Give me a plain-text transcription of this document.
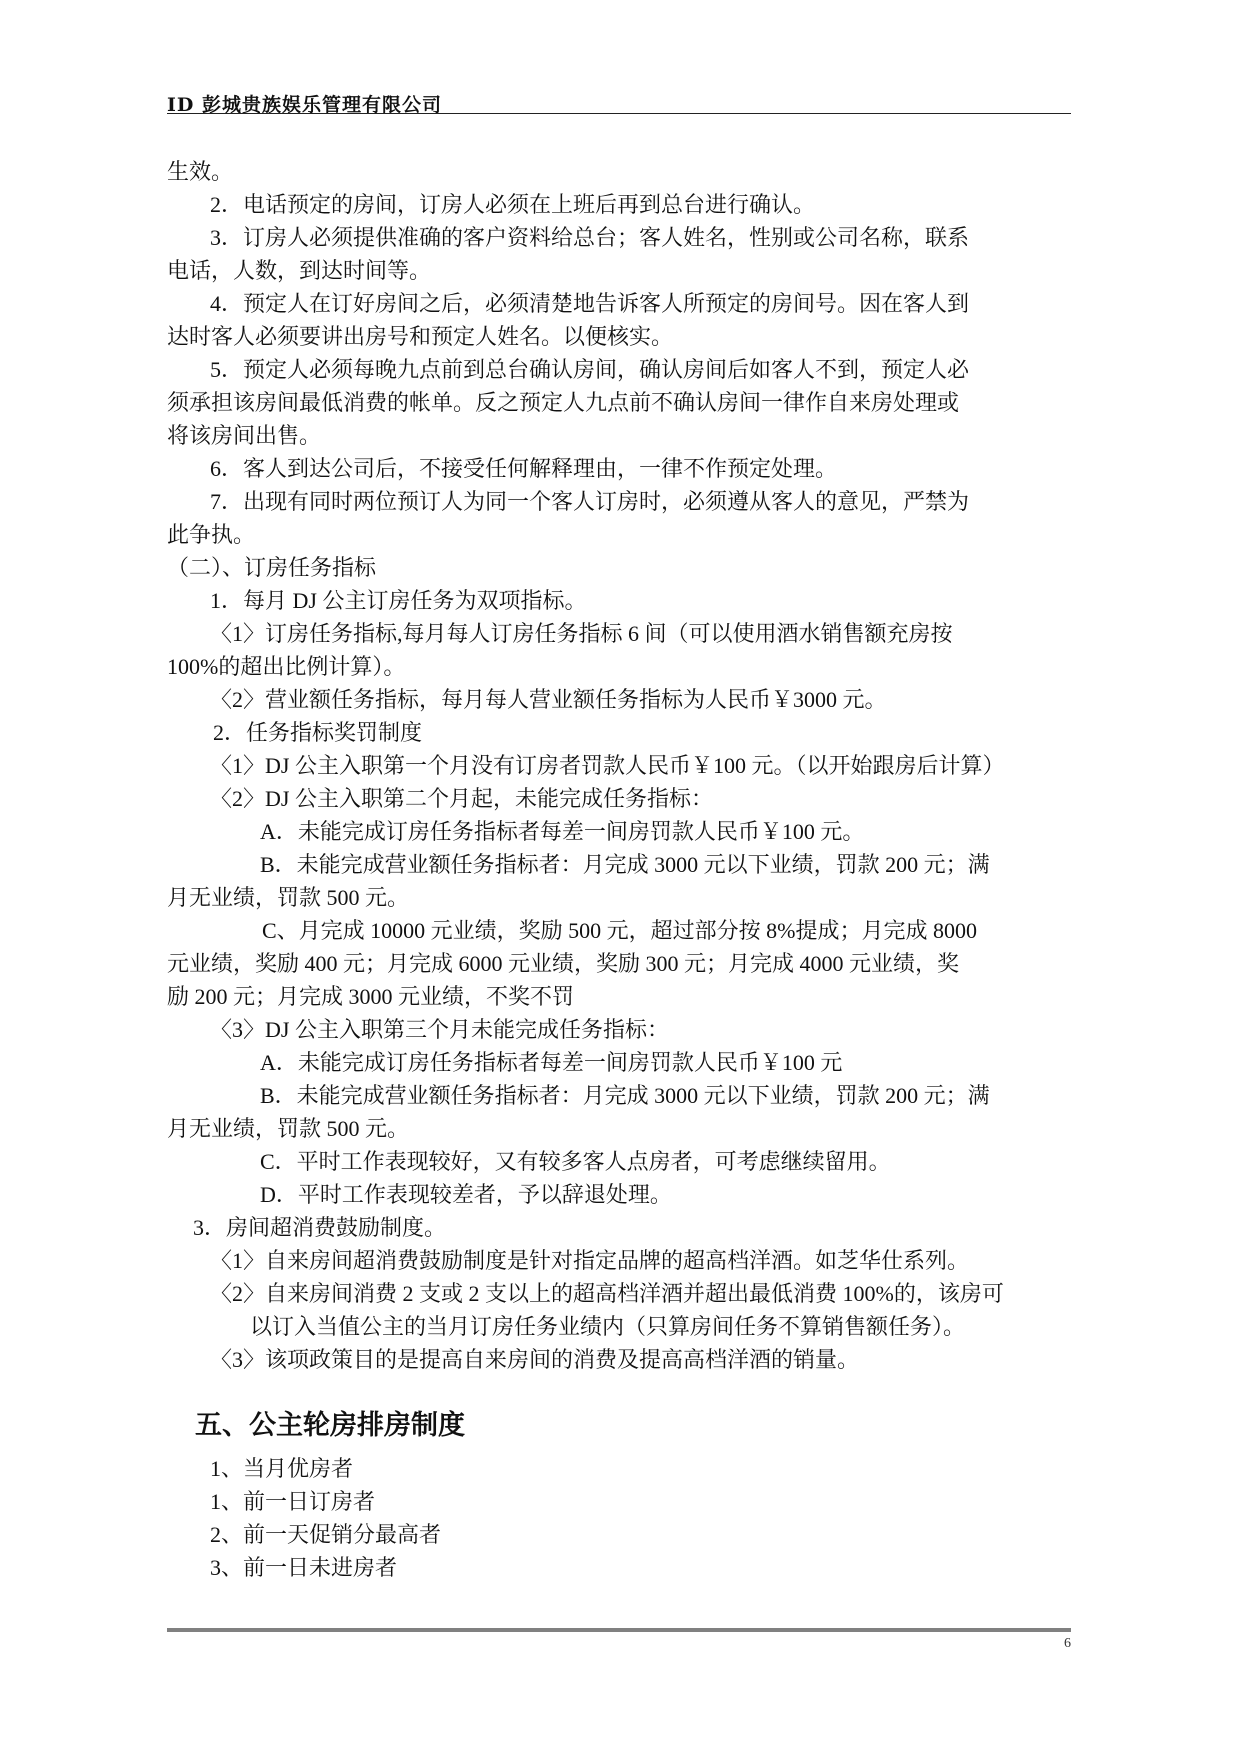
ID 彭城贵族娱乐管理有限公司
生效。
2．电话预定的房间，订房人必须在上班后再到总台进行确认。
3．订房人必须提供准确的客户资料给总台；客人姓名，性别或公司名称，联系
电话，人数，到达时间等。
4．预定人在订好房间之后，必须清楚地告诉客人所预定的房间号。因在客人到
达时客人必须要讲出房号和预定人姓名。以便核实。
5．预定人必须每晚九点前到总台确认房间，确认房间后如客人不到，预定人必
须承担该房间最低消费的帐单。反之预定人九点前不确认房间一律作自来房处理或
将该房间出售。
6．客人到达公司后，不接受任何解释理由，一律不作预定处理。
7．出现有同时两位预订人为同一个客人订房时，必须遵从客人的意见，严禁为
此争执。
（二）、订房任务指标
1．每月 DJ 公主订房任务为双项指标。
〈1〉订房任务指标,每月每人订房任务指标 6 间（可以使用酒水销售额充房按
100%的超出比例计算）。
〈2〉营业额任务指标，每月每人营业额任务指标为人民币￥3000 元。
2．任务指标奖罚制度
〈1〉DJ 公主入职第一个月没有订房者罚款人民币￥100 元。（以开始跟房后计算）
〈2〉DJ 公主入职第二个月起，未能完成任务指标：
A．未能完成订房任务指标者每差一间房罚款人民币￥100 元。
B．未能完成营业额任务指标者：月完成 3000 元以下业绩，罚款 200 元；满
月无业绩，罚款 500 元。
C、月完成 10000 元业绩，奖励 500 元，超过部分按 8%提成；月完成 8000
元业绩，奖励 400 元；月完成 6000 元业绩，奖励 300 元；月完成 4000 元业绩，奖
励 200 元；月完成 3000 元业绩，不奖不罚
〈3〉DJ 公主入职第三个月未能完成任务指标：
A．未能完成订房任务指标者每差一间房罚款人民币￥100 元
B．未能完成营业额任务指标者：月完成 3000 元以下业绩，罚款 200 元；满
月无业绩，罚款 500 元。
C．平时工作表现较好，又有较多客人点房者，可考虑继续留用。
D．平时工作表现较差者，予以辞退处理。
3．房间超消费鼓励制度。
〈1〉自来房间超消费鼓励制度是针对指定品牌的超高档洋酒。如芝华仕系列。
〈2〉自来房间消费 2 支或 2 支以上的超高档洋酒并超出最低消费 100%的，该房可
以订入当值公主的当月订房任务业绩内（只算房间任务不算销售额任务）。
〈3〉该项政策目的是提高自来房间的消费及提高高档洋酒的销量。
五、公主轮房排房制度
1、当月优房者
1、前一日订房者
2、前一天促销分最高者
3、前一日未进房者
6
